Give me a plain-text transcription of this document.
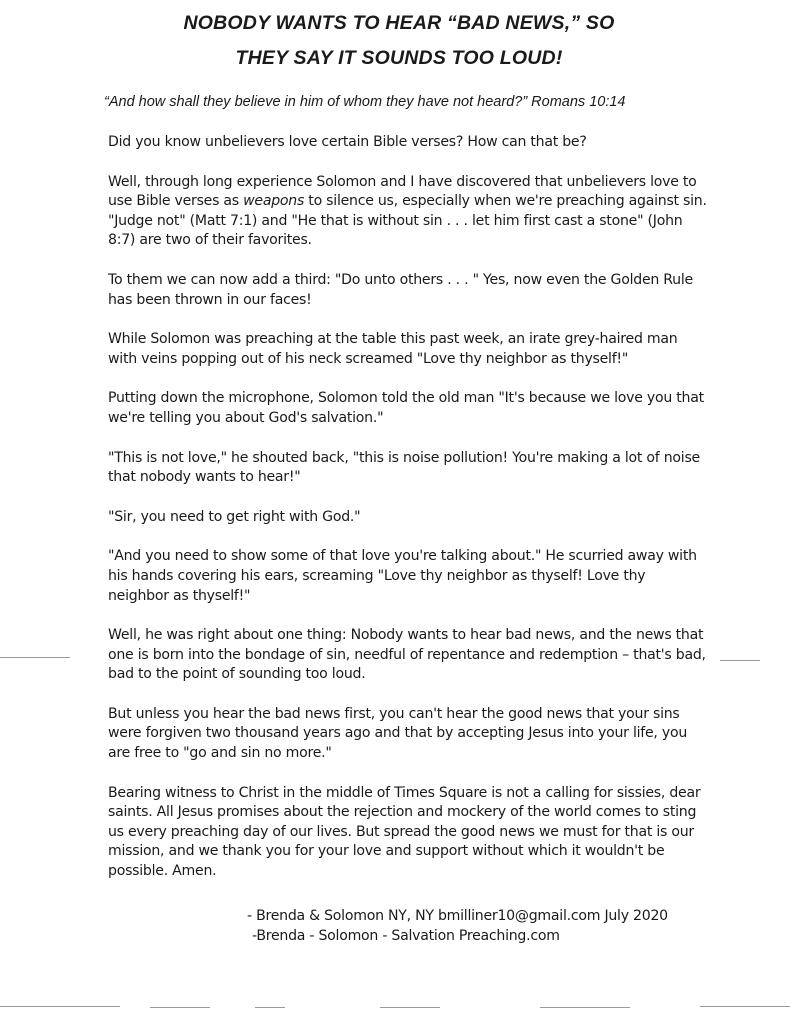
NOBODY WANTS TO HEAR “BAD NEWS,” SO
THEY SAY IT SOUNDS TOO LOUD!

“And how shall they believe in him of whom they have not heard?” Romans 10:14

Did you know unbelievers love certain Bible verses? How can that be?

Well, through long experience Solomon and I have discovered that unbelievers love to use Bible verses as weapons to silence us, especially when we're preaching against sin. "Judge not" (Matt 7:1) and "He that is without sin . . . let him first cast a stone" (John 8:7) are two of their favorites.

To them we can now add a third: "Do unto others . . . " Yes, now even the Golden Rule has been thrown in our faces!

While Solomon was preaching at the table this past week, an irate grey-haired man with veins popping out of his neck screamed "Love thy neighbor as thyself!"

Putting down the microphone, Solomon told the old man "It's because we love you that we're telling you about God's salvation."

"This is not love," he shouted back, "this is noise pollution! You're making a lot of noise that nobody wants to hear!"

"Sir, you need to get right with God."

"And you need to show some of that love you're talking about." He scurried away with his hands covering his ears, screaming "Love thy neighbor as thyself! Love thy neighbor as thyself!"

Well, he was right about one thing: Nobody wants to hear bad news, and the news that one is born into the bondage of sin, needful of repentance and redemption – that's bad, bad to the point of sounding too loud.

But unless you hear the bad news first, you can't hear the good news that your sins were forgiven two thousand years ago and that by accepting Jesus into your life, you are free to "go and sin no more."

Bearing witness to Christ in the middle of Times Square is not a calling for sissies, dear saints. All Jesus promises about the rejection and mockery of the world comes to sting us every preaching day of our lives. But spread the good news we must for that is our mission, and we thank you for your love and support without which it wouldn't be possible. Amen.

- Brenda & Solomon NY, NY bmilliner10@gmail.com July 2020
-Brenda - Solomon - Salvation Preaching.com
